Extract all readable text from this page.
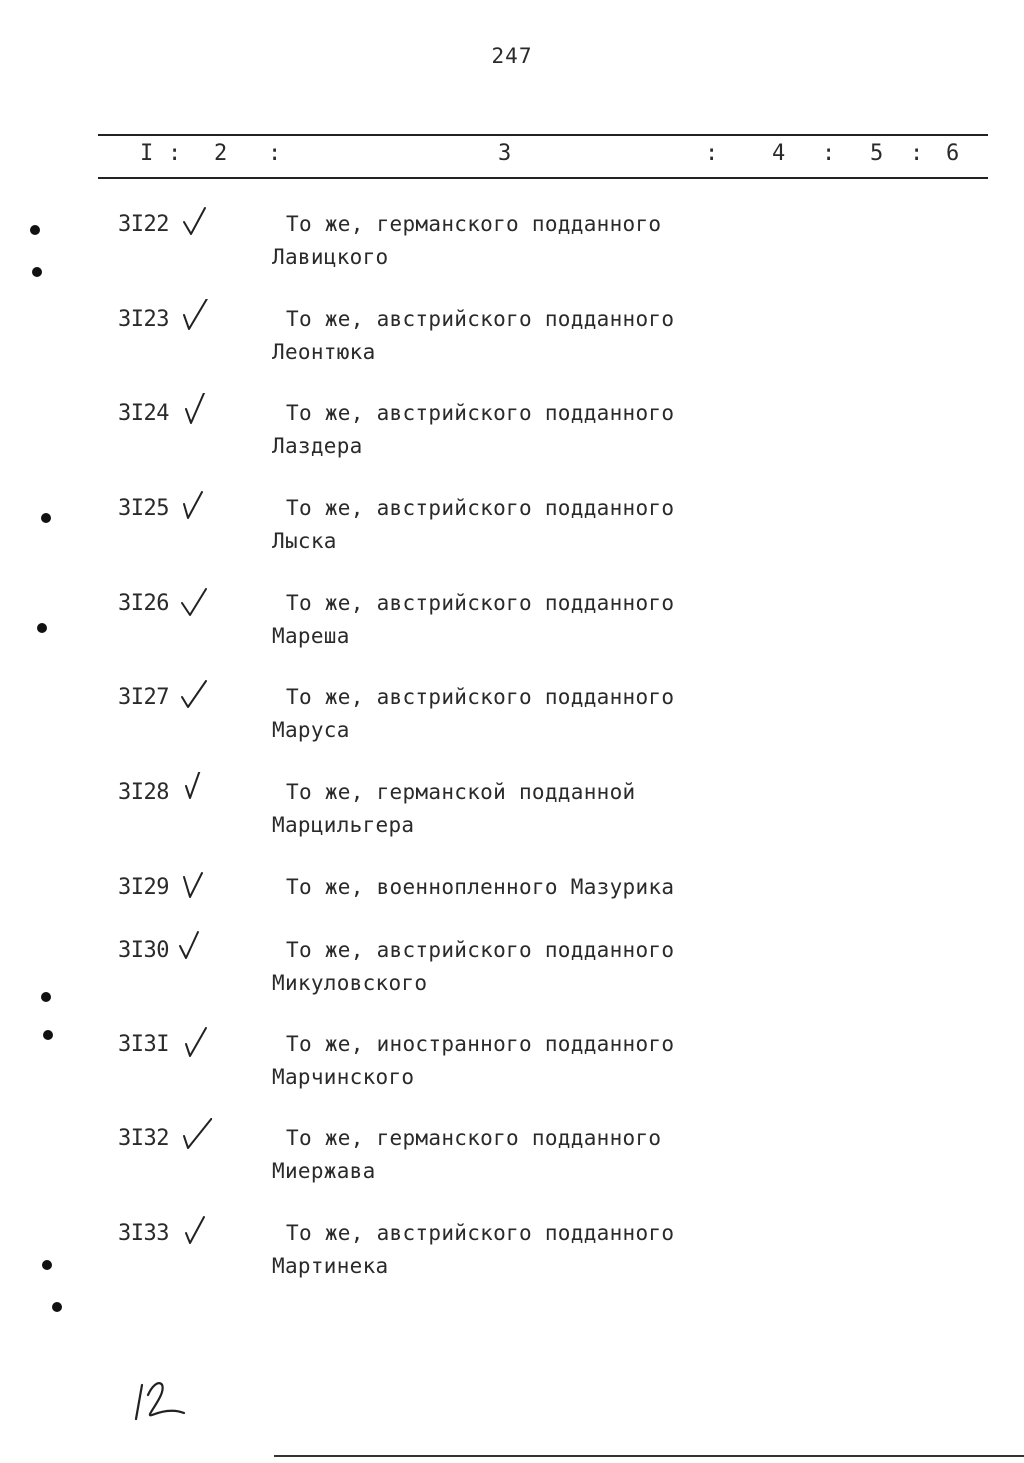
247
I : 2 :	3	: 4 : 5 : 6
3I22	То же, германского подданного
Лавицкого
3I23	То же, австрийского подданного
Леонтюка
3I24	То же, австрийского подданного
Лаздера
3I25	То же, австрийского подданного
Лыска
3I26	То же, австрийского подданного
Мареша
3I27	То же, австрийского подданного
Маруса
3I28	То же, германской подданной
Марцильгера
3I29	То же, военнопленного Мазурика
3I30	То же, австрийского подданного
Микуловского
3I3I	То же, иностранного подданного
Марчинского
3I32	То же, германского подданного
Миержава
3I33	То же, австрийского подданного
Мартинека
